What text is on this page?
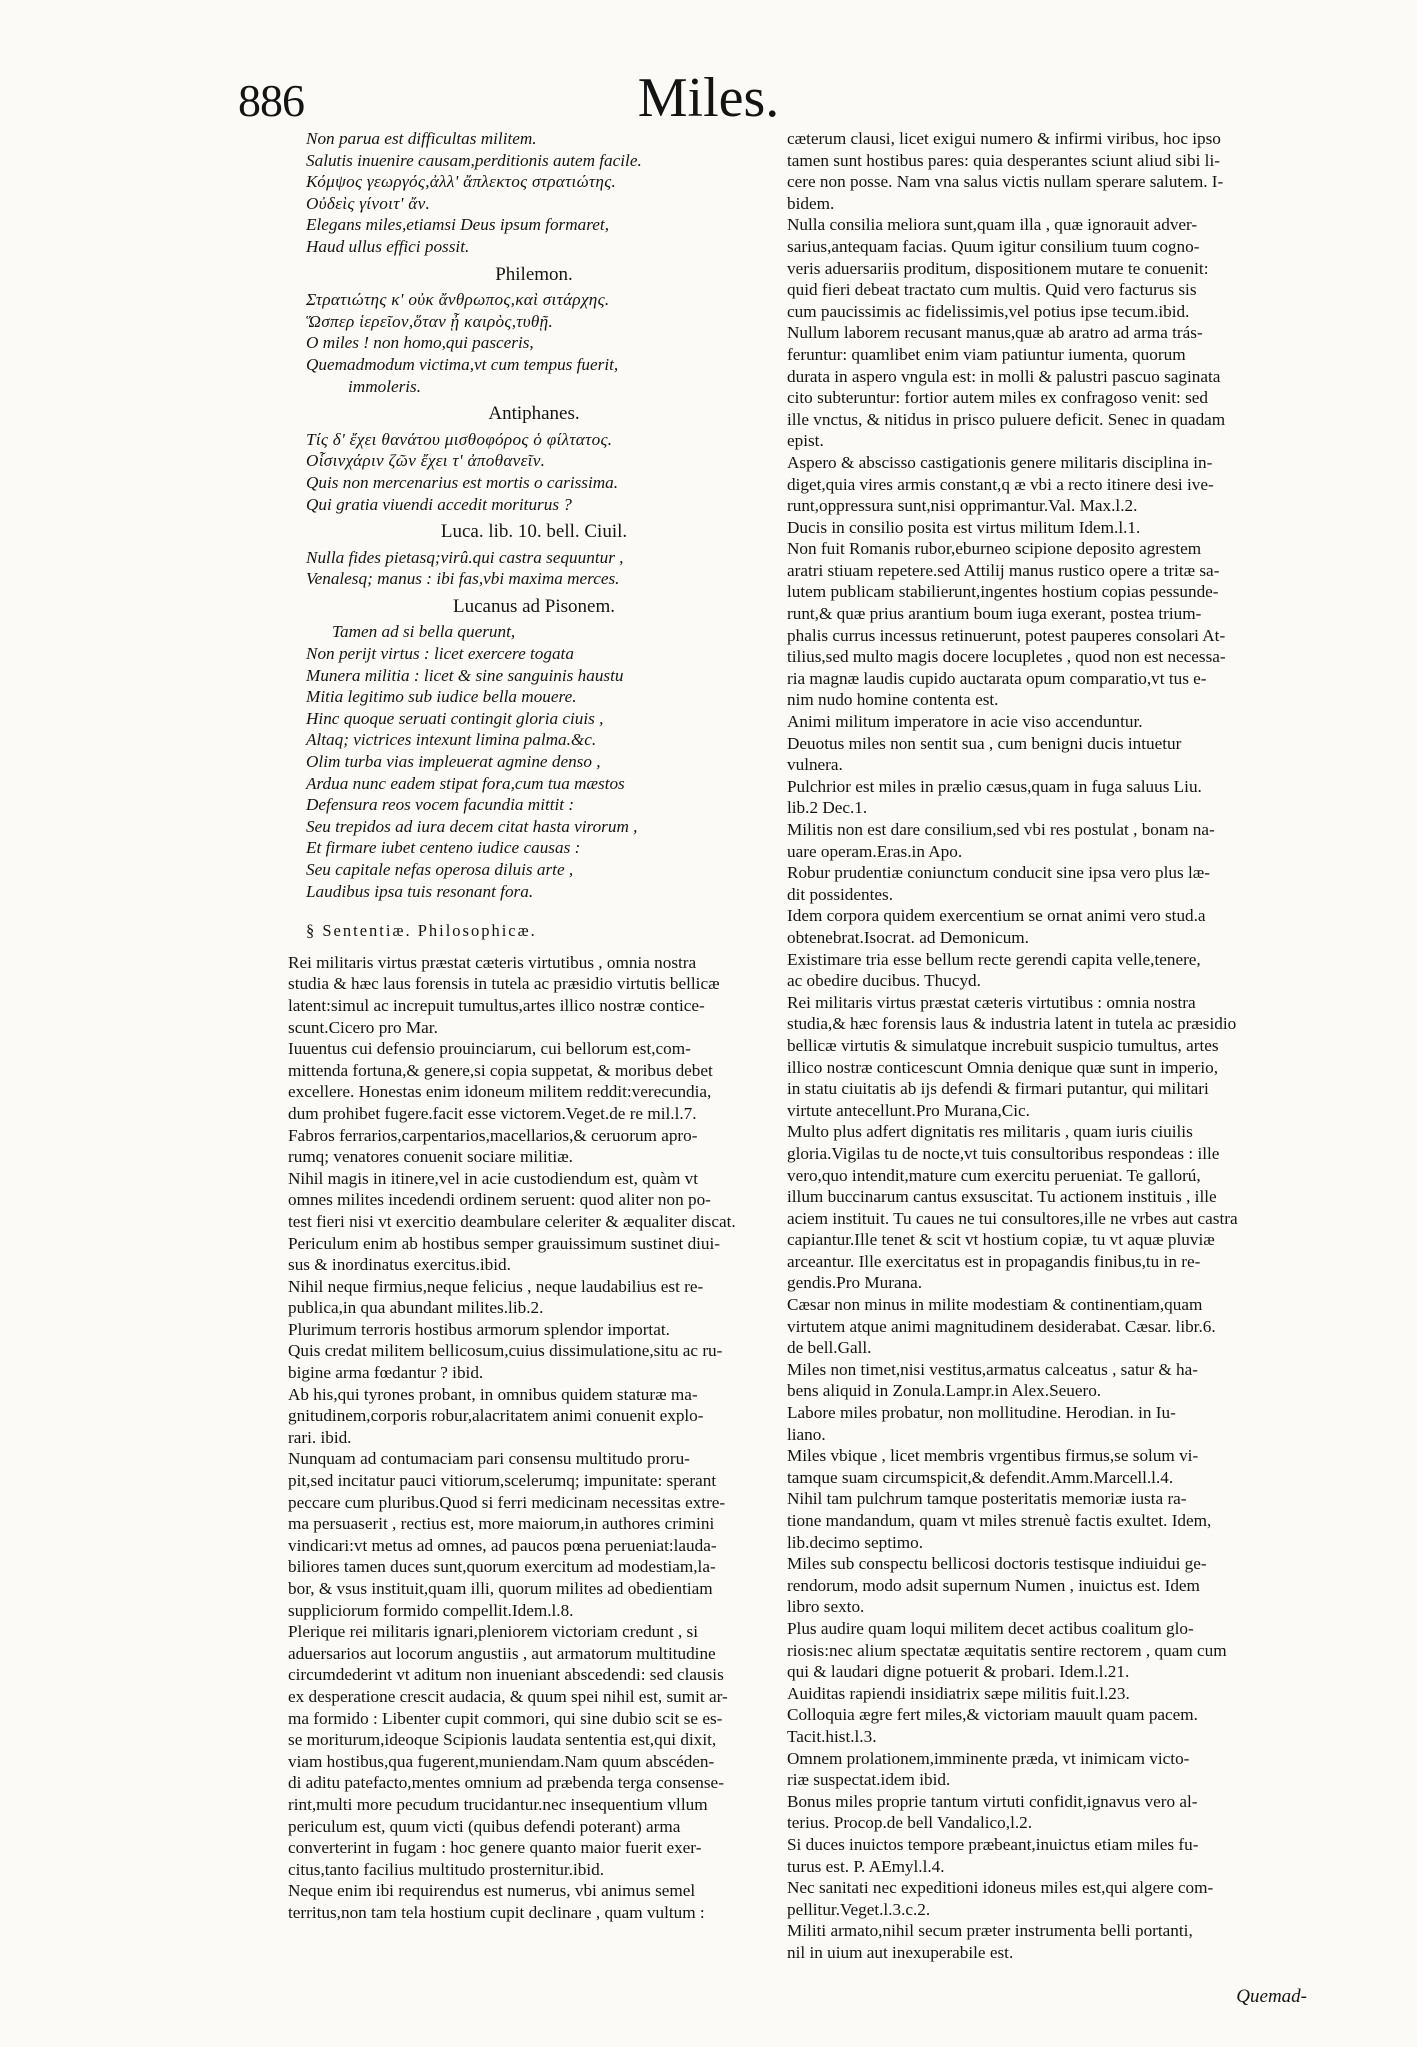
886	Miles.
Non parua est difficultas militem.
Salutis inuenire causam,perditionis autem facile.
Κόμψος γεωργός,ἀλλ' ἄπλεκτος στρατιώτης.
Οὐδεὶς γίνοιτ' ἄν.
Elegans miles,etiamsi Deus ipsum formaret,
Haud ullus effici possit.
Philemon.
Στρατιώτης κ' οὐκ ἄνθρωπος,καὶ σιτάρχης.
Ὥσπερ ἱερεῖον,ὅταν ᾖ καιρὸς,τυθῇ.
O miles ! non homo,qui pasceris,
Quemadmodum victima,vt cum tempus fuerit,
immoleris.
Antiphanes.
Τίς δ' ἔχει θανάτου μισθοφόρος ὁ φίλτατος.
Οἷσινχάριν ζῶν ἔχει τ' ἀποθανεῖν.
Quis non mercenarius est mortis o carissima.
Qui gratia viuendi accedit moriturus ?
Luca. lib. 10. bell. Ciuil.
Nulla fides pietasq;virû.qui castra sequuntur ,
Venalesq; manus : ibi fas,vbi maxima merces.
Lucanus ad Pisonem.
Tamen ad si bella querunt,
Non perijt virtus : licet exercere togata
Munera militia : licet & sine sanguinis haustu
Mitia legitimo sub iudice bella mouere.
Hinc quoque seruati contingit gloria ciuis ,
Altaq; victrices intexunt limina palma.&c.
Olim turba vias impleuerat agmine denso ,
Ardua nunc eadem stipat fora,cum tua mæstos
Defensura reos vocem facundia mittit :
Seu trepidos ad iura decem citat hasta virorum ,
Et firmare iubet centeno iudice causas :
Seu capitale nefas operosa diluis arte ,
Laudibus ipsa tuis resonant fora.
§ Sententiæ. Philosophicæ.
Rei militaris virtus præstat cæteris virtutibus , omnia nostra
studia & hæc laus forensis in tutela ac præsidio virtutis bellicæ
latent:simul ac increpuit tumultus,artes illico nostræ contice-
scunt.Cicero pro Mar.
Iuuentus cui defensio prouinciarum, cui bellorum est,com-
mittenda fortuna,& genere,si copia suppetat, & moribus debet
excellere. Honestas enim idoneum militem reddit:verecundia,
dum prohibet fugere.facit esse victorem.Veget.de re mil.l.7.
Fabros ferrarios,carpentarios,macellarios,& ceruorum apro-
rumq; venatores conuenit sociare militiæ.
Nihil magis in itinere,vel in acie custodiendum est, quàm vt
omnes milites incedendi ordinem seruent: quod aliter non po-
test fieri nisi vt exercitio deambulare celeriter & æqualiter discat.
Periculum enim ab hostibus semper grauissimum sustinet diui-
sus & inordinatus exercitus.ibid.
Nihil neque firmius,neque felicius , neque laudabilius est re-
publica,in qua abundant milites.lib.2.
Plurimum terroris hostibus armorum splendor importat.
Quis credat militem bellicosum,cuius dissimulatione,situ ac ru-
bigine arma fœdantur ? ibid.
Ab his,qui tyrones probant, in omnibus quidem staturæ ma-
gnitudinem,corporis robur,alacritatem animi conuenit explo-
rari. ibid.
Nunquam ad contumaciam pari consensu multitudo proru-
pit,sed incitatur pauci vitiorum,scelerumq; impunitate: sperant
peccare cum pluribus.Quod si ferri medicinam necessitas extre-
ma persuaserit , rectius est, more maiorum,in authores crimini
vindicari:vt metus ad omnes, ad paucos pœna perueniat:lauda-
biliores tamen duces sunt,quorum exercitum ad modestiam,la-
bor, & vsus instituit,quam illi, quorum milites ad obedientiam
suppliciorum formido compellit.Idem.l.8.
Plerique rei militaris ignari,pleniorem victoriam credunt , si
aduersarios aut locorum angustiis , aut armatorum multitudine
circumdederint vt aditum non inueniant abscedendi: sed clausis
ex desperatione crescit audacia, & quum spei nihil est, sumit ar-
ma formido : Libenter cupit commori, qui sine dubio scit se es-
se moriturum,ideoque Scipionis laudata sententia est,qui dixit,
viam hostibus,qua fugerent,muniendam.Nam quum abscéden-
di aditu patefacto,mentes omnium ad præbenda terga consense-
rint,multi more pecudum trucidantur.nec insequentium vllum
periculum est, quum victi (quibus defendi poterant) arma
converterint in fugam : hoc genere quanto maior fuerit exer-
citus,tanto facilius multitudo prosternitur.ibid.
Neque enim ibi requirendus est numerus, vbi animus semel
territus,non tam tela hostium cupit declinare , quam vultum :
cæterum clausi, licet exigui numero & infirmi viribus, hoc ipso
tamen sunt hostibus pares: quia desperantes sciunt aliud sibi li-
cere non posse. Nam vna salus victis nullam sperare salutem. I-
bidem.
Nulla consilia meliora sunt,quam illa , quæ ignorauit adver-
sarius,antequam facias. Quum igitur consilium tuum cogno-
veris aduersariis proditum, dispositionem mutare te conuenit:
quid fieri debeat tractato cum multis. Quid vero facturus sis
cum paucissimis ac fidelissimis,vel potius ipse tecum.ibid.
Nullum laborem recusant manus,quæ ab aratro ad arma trás-
feruntur: quamlibet enim viam patiuntur iumenta, quorum
durata in aspero vngula est: in molli & palustri pascuo saginata
cito subteruntur: fortior autem miles ex confragoso venit: sed
ille vnctus, & nitidus in prisco puluere deficit. Senec in quadam
epist.
Aspero & abscisso castigationis genere militaris disciplina in-
diget,quia vires armis constant,q æ vbi a recto itinere desi ive-
runt,oppressura sunt,nisi opprimantur.Val. Max.l.2.
Ducis in consilio posita est virtus militum Idem.l.1.
Non fuit Romanis rubor,eburneo scipione deposito agrestem
aratri stiuam repetere.sed Attilij manus rustico opere a tritæ sa-
lutem publicam stabilierunt,ingentes hostium copias pessunde-
runt,& quæ prius arantium boum iuga exerant, postea trium-
phalis currus incessus retinuerunt, potest pauperes consolari At-
tilius,sed multo magis docere locupletes , quod non est necessa-
ria magnæ laudis cupido auctarata opum comparatio,vt tus e-
nim nudo homine contenta est.
Animi militum imperatore in acie viso accenduntur.
Deuotus miles non sentit sua , cum benigni ducis intuetur
vulnera.
Pulchrior est miles in prælio cæsus,quam in fuga saluus Liu.
lib.2 Dec.1.
Militis non est dare consilium,sed vbi res postulat , bonam na-
uare operam.Eras.in Apo.
Robur prudentiæ coniunctum conducit sine ipsa vero plus læ-
dit possidentes.
Idem corpora quidem exercentium se ornat animi vero stud.a
obtenebrat.Isocrat. ad Demonicum.
Existimare tria esse bellum recte gerendi capita velle,tenere,
ac obedire ducibus. Thucyd.
Rei militaris virtus præstat cæteris virtutibus : omnia nostra
studia,& hæc forensis laus & industria latent in tutela ac præsidio
bellicæ virtutis & simulatque increbuit suspicio tumultus, artes
illico nostræ conticescunt Omnia denique quæ sunt in imperio,
in statu ciuitatis ab ijs defendi & firmari putantur, qui militari
virtute antecellunt.Pro Murana,Cic.
Multo plus adfert dignitatis res militaris , quam iuris ciuilis
gloria.Vigilas tu de nocte,vt tuis consultoribus respondeas : ille
vero,quo intendit,mature cum exercitu perueniat. Te gallorú,
illum buccinarum cantus exsuscitat. Tu actionem instituis , ille
aciem instituit. Tu caues ne tui consultores,ille ne vrbes aut castra
capiantur.Ille tenet & scit vt hostium copiæ, tu vt aquæ pluviæ
arceantur. Ille exercitatus est in propagandis finibus,tu in re-
gendis.Pro Murana.
Cæsar non minus in milite modestiam & continentiam,quam
virtutem atque animi magnitudinem desiderabat. Cæsar. libr.6.
de bell.Gall.
Miles non timet,nisi vestitus,armatus calceatus , satur & ha-
bens aliquid in Zonula.Lampr.in Alex.Seuero.
Labore miles probatur, non mollitudine. Herodian. in Iu-
liano.
Miles vbique , licet membris vrgentibus firmus,se solum vi-
tamque suam circumspicit,& defendit.Amm.Marcell.l.4.
Nihil tam pulchrum tamque posteritatis memoriæ iusta ra-
tione mandandum, quam vt miles strenuè factis exultet. Idem,
lib.decimo septimo.
Miles sub conspectu bellicosi doctoris testisque indiuidui ge-
rendorum, modo adsit supernum Numen , inuictus est. Idem
libro sexto.
Plus audire quam loqui militem decet actibus coalitum glo-
riosis:nec alium spectatæ æquitatis sentire rectorem , quam cum
qui & laudari digne potuerit & probari. Idem.l.21.
Auiditas rapiendi insidiatrix sæpe militis fuit.l.23.
Colloquia ægre fert miles,& victoriam mauult quam pacem.
Tacit.hist.l.3.
Omnem prolationem,imminente præda, vt inimicam victo-
riæ suspectat.idem ibid.
Bonus miles proprie tantum virtuti confidit,ignavus vero al-
terius. Procop.de bell Vandalico,l.2.
Si duces inuictos tempore præbeant,inuictus etiam miles fu-
turus est. P. AEmyl.l.4.
Nec sanitati nec expeditioni idoneus miles est,qui algere com-
pellitur.Veget.l.3.c.2.
Militi armato,nihil secum præter instrumenta belli portanti,
nil in uium aut inexuperabile est.
Quemad-
